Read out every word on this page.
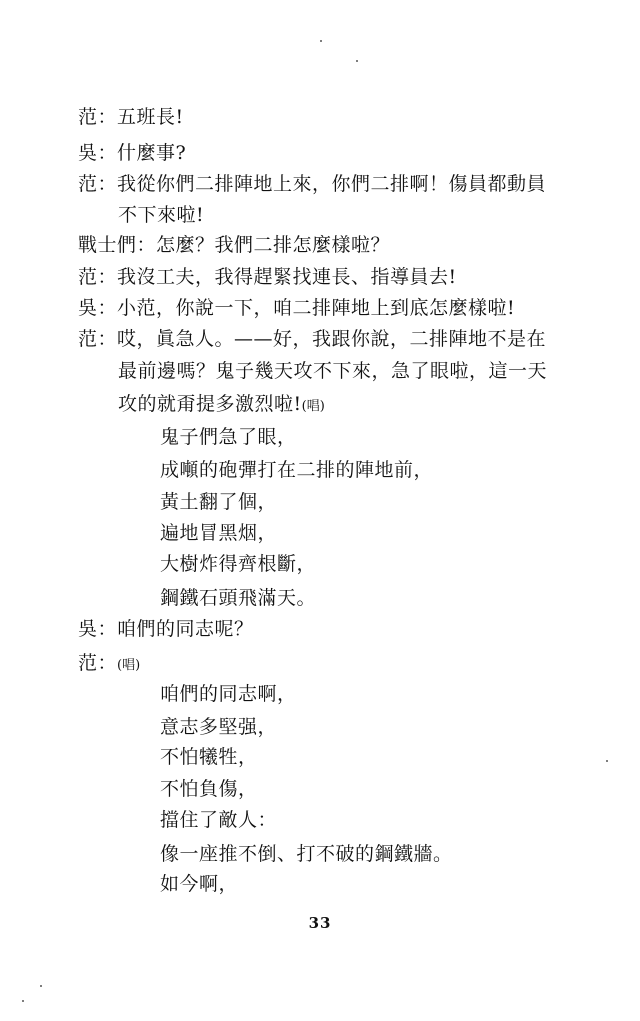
范：五班長!
吳：什麼事?
范：我從你們二排陣地上來，你們二排啊！傷員都動員
不下來啦!
戰士們：怎麼？我們二排怎麼樣啦？
范：我沒工夫，我得趕緊找連長、指導員去!
吳：小范，你說一下，咱二排陣地上到底怎麼樣啦!
范：哎，眞急人。——好，我跟你說，二排陣地不是在
最前邊嗎？鬼子幾天攻不下來，急了眼啦，這一天
攻的就甭提多激烈啦!(唱)
鬼子們急了眼，
成噸的砲彈打在二排的陣地前，
黃土翻了個，
遍地冒黑烟，
大樹炸得齊根斷，
鋼鐵石頭飛滿天。
吳：咱們的同志呢？
范：(唱)
咱們的同志啊，
意志多堅强，
不怕犧牲，
不怕負傷，
擋住了敵人：
像一座推不倒、打不破的鋼鐵牆。
如今啊，
33
